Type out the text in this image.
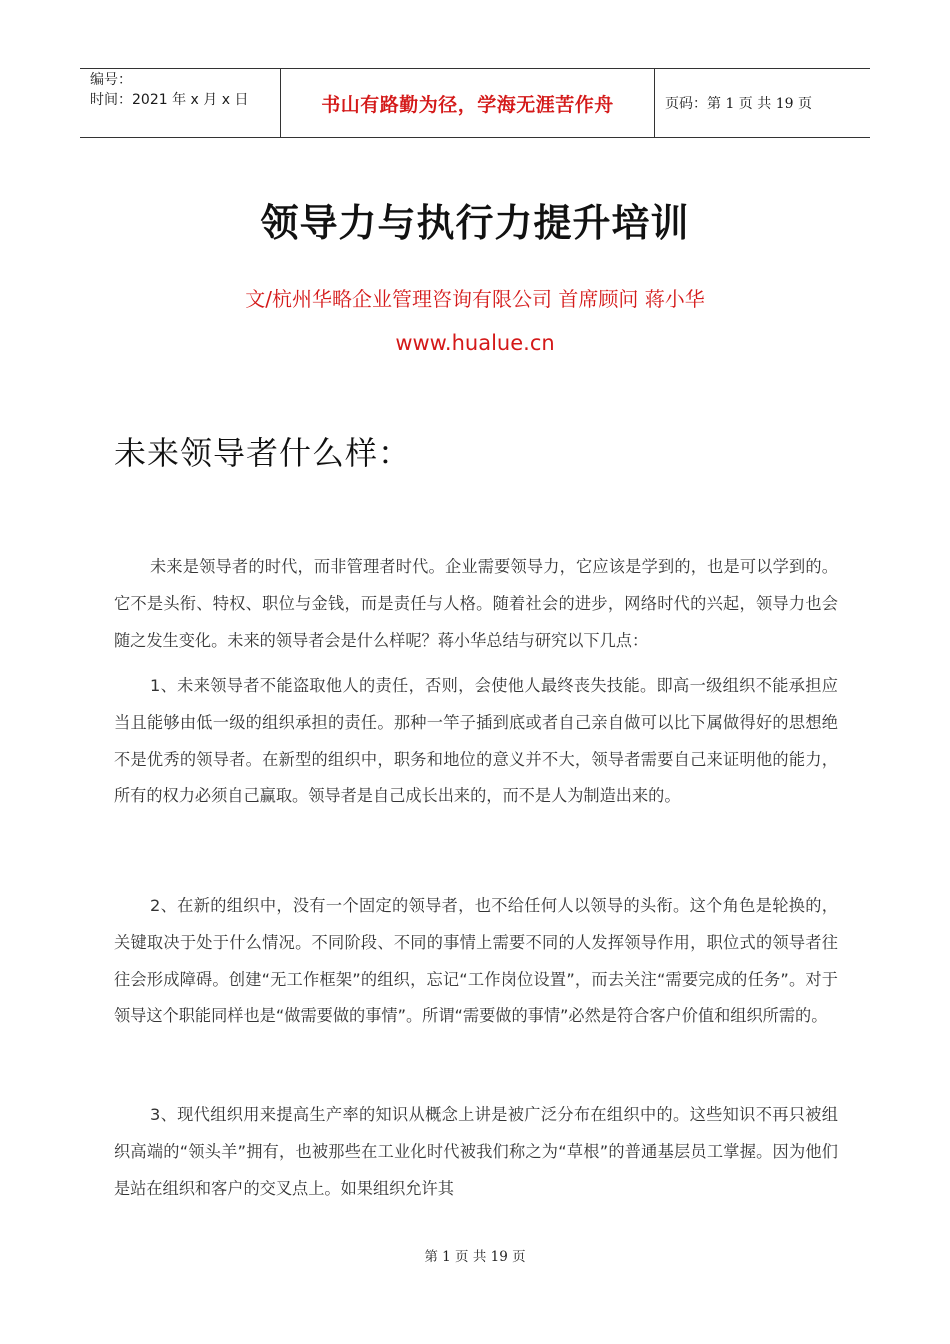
编号：
时间：2021 年 x 月 x 日	书山有路勤为径，学海无涯苦作舟	页码：第 1 页 共 19 页
领导力与执行力提升培训
文/杭州华略企业管理咨询有限公司 首席顾问 蒋小华
www.hualue.cn
未来领导者什么样：

未来是领导者的时代，而非管理者时代。企业需要领导力，它应该是学到的，也是可以学到的。它不是头衔、特权、职位与金钱，而是责任与人格。随着社会的进步，网络时代的兴起，领导力也会随之发生变化。未来的领导者会是什么样呢？蒋小华总结与研究以下几点：

1、未来领导者不能盗取他人的责任，否则，会使他人最终丧失技能。即高一级组织不能承担应当且能够由低一级的组织承担的责任。那种一竿子插到底或者自己亲自做可以比下属做得好的思想绝不是优秀的领导者。在新型的组织中，职务和地位的意义并不大，领导者需要自己来证明他的能力，所有的权力必须自己赢取。领导者是自己成长出来的，而不是人为制造出来的。

2、在新的组织中，没有一个固定的领导者，也不给任何人以领导的头衔。这个角色是轮换的，关键取决于处于什么情况。不同阶段、不同的事情上需要不同的人发挥领导作用，职位式的领导者往往会形成障碍。创建“无工作框架”的组织，忘记“工作岗位设置”，而去关注“需要完成的任务”。对于领导这个职能同样也是“做需要做的事情”。所谓“需要做的事情”必然是符合客户价值和组织所需的。

3、现代组织用来提高生产率的知识从概念上讲是被广泛分布在组织中的。这些知识不再只被组织高端的“领头羊”拥有，也被那些在工业化时代被我们称之为“草根”的普通基层员工掌握。因为他们是站在组织和客户的交叉点上。如果组织允许其

第 1 页 共 19 页
